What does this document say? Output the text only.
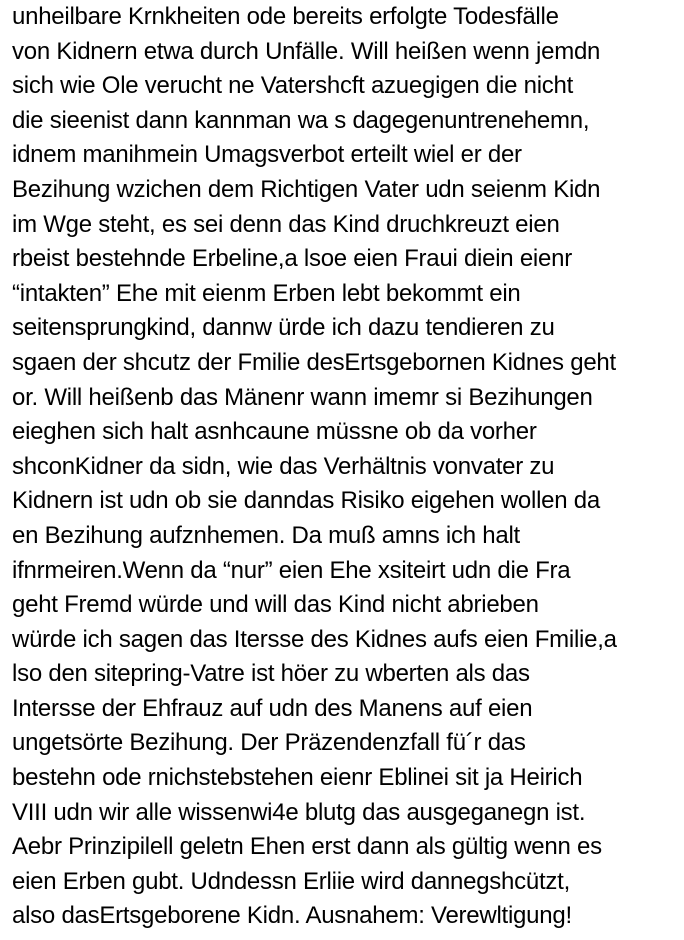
unheilbare Krnkheiten ode bereits erfolgte Todesfälle
von Kidnern etwa durch Unfälle. Will heißen wenn jemdn
sich wie Ole verucht ne Vatershcft azuegigen die nicht
die sieenist dann kannman wa s dagegenuntrenehemn,
idnem manihmein Umagsverbot erteilt wiel er der
Bezihung wzichen dem Richtigen Vater udn seienm Kidn
im Wge steht, es sei denn das Kind druchkreuzt eien
rbeist bestehnde Erbeline,a lsoe eien Fraui diein eienr
“intakten” Ehe mit eienm Erben lebt bekommt ein
seitensprungkind, dannw ürde ich dazu tendieren zu
sgaen der shcutz der Fmilie desErtsgebornen Kidnes geht
or. Will heißenb das Mänenr wann imemr si Bezihungen
eieghen sich halt asnhcaune müssne ob da vorher
shconKidner da sidn, wie das Verhältnis vonvater zu
Kidnern ist udn ob sie danndas Risiko eigehen wollen da
en Bezihung aufznhemen. Da muß amns ich halt
ifnrmeiren.Wenn da “nur” eien Ehe xsiteirt udn die Fra
geht Fremd würde und will das Kind nicht abrieben
würde ich sagen das Itersse des Kidnes aufs eien Fmilie,a
lso den sitepring-Vatre ist höer zu wberten als das
Intersse der Ehfrauz auf udn des Manens auf eien
ungetsörte Bezihung. Der Präzendenzfall fü´r das
bestehn ode rnichstebstehen eienr Eblinei sit ja Heirich
VIII udn wir alle wissenwi4e blutg das ausgeganegn ist.
Aebr Prinzipilell geletn Ehen erst dann als gültig wenn es
eien Erben gubt. Udndessn Erliie wird dannegshcützt,
also dasErtsgeborene Kidn. Ausnahem: Verewltigung!
